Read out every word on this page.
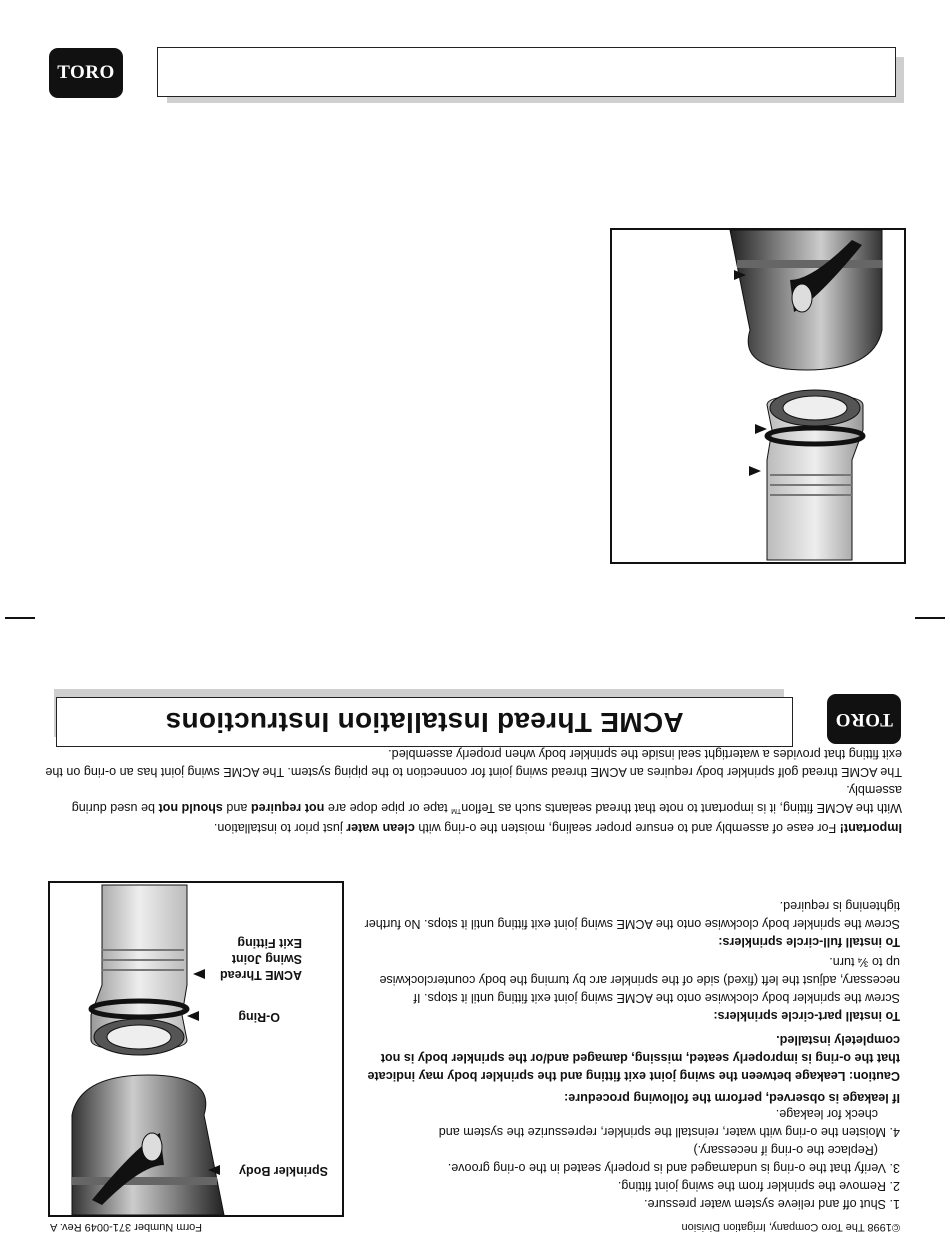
TORO
©1998 The Toro Company, Irrigation Division
Form Number 371-0049 Rev. A

1. Shut off and relieve system water pressure.

2. Remove the sprinkler from the swing joint fitting.

3. Verify that the o-ring is undamaged and is properly seated in the o-ring groove.

(Replace the o-ring if necessary.)

4. Moisten the o-ring with water, reinstall the sprinkler, repressurize the system and

check for leakage.

Sprinkler Body
O-Ring
ACME Thread
Swing Joint
Exit Fitting

If leakage is observed, perform the following procedure:

Caution: Leakage between the swing joint exit fitting and the sprinkler body may indicate that the o-ring is improperly seated, missing, damaged and/or the sprinkler body is not completely installed.

To install part-circle sprinklers:

Screw the sprinkler body clockwise onto the ACME swing joint exit fitting until it stops. If necessary, adjust the left (fixed) side of the sprinkler arc by turning the body counterclockwise up to ¾ turn.

To install full-circle sprinklers:

Screw the sprinkler body clockwise onto the ACME swing joint exit fitting until it stops. No further tightening is required.

Important! For ease of assembly and to ensure proper sealing, moisten the o-ring with clean water just prior to installation.

With the ACME fitting, it is important to note that thread sealants such as Teflon™ tape or pipe dope are not required and should not be used during assembly.

The ACME thread golf sprinkler body requires an ACME thread swing joint for connection to the piping system. The ACME swing joint has an o-ring on the exit fitting that provides a watertight seal inside the sprinkler body when properly assembled.

ACME Thread Installation Instructions	TORO
